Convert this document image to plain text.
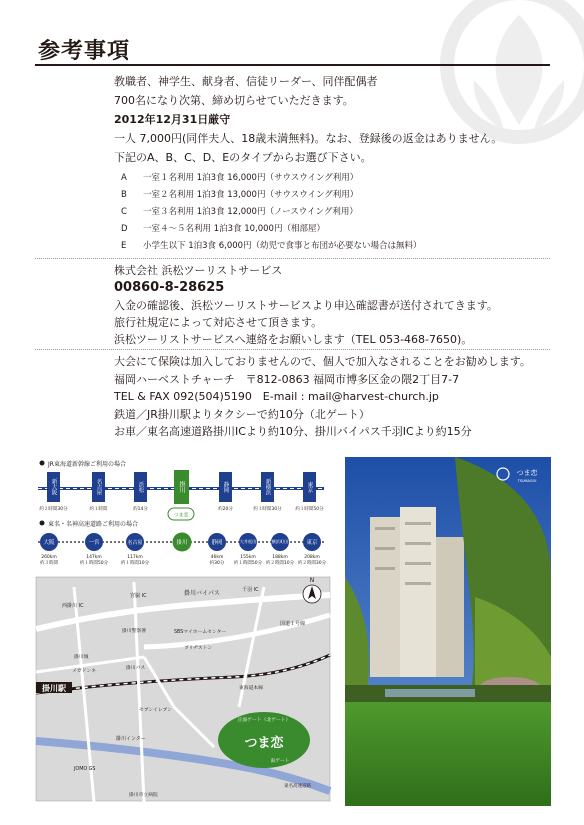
参考事項
教職者、神学生、献身者、信徒リーダー、同伴配偶者
700名になり次第、締め切らせていただきます。
2012年12月31日厳守
一人 7,000円(同伴夫人、18歳未満無料)。なお、登録後の返金はありません。
下記のA、B、C、D、Eのタイプからお選び下さい。
A 一室１名利用 1泊3食 16,000円（サウスウイング利用）
B 一室２名利用 1泊3食 13,000円（サウスウイング利用）
C 一室３名利用 1泊3食 12,000円（ノースウイング利用）
D 一室４～５名利用 1泊3食 10,000円（相部屋）
E 小学生以下 1泊3食 6,000円（幼児で食事と布団が必要ない場合は無料）
株式会社 浜松ツーリストサービス
00860-8-28625
入金の確認後、浜松ツーリストサービスより申込確認書が送付されてきます。
旅行社規定によって対応させて頂きます。
浜松ツーリストサービスへ連絡をお願いします（TEL 053-468-7650)。
大会にて保険は加入しておりませんので、個人で加入なされることをお勧めします。
福岡ハーベストチャーチ　〒812-0863 福岡市博多区金の隈2丁目7-7
TEL & FAX 092(504)5190　E-mail : mail@harvest-church.jp
鉄道／JR掛川駅よりタクシーで約10分（北ゲート）
お車／東名高速道路掛川ICより約10分、掛川バイパス千羽ICより約15分
JR東海道新幹線ご利用の場合
新大阪
約２時間30分
名古屋
約１時間
浜松
約14分
掛川
つま恋
静岡
約20分
新横浜
約１時間30分
東京
約１時間50分
東名・名神高速道路ご利用の場合
大阪
260km
約３時間
一宮
147km
約１時間50分
名古屋
117km
約１時間10分
掛川	静岡
46km
約30分
大井松田
155km
約１時間50分
横浜町田
188km
約２時間10分
東京
208km
約２時間30分
つま恋
正面ゲート（北ゲート）
南ゲート
掛川駅
N
西掛川 IC
宮脇 IC	掛川バイパス	千羽 IC
掛川警察署	SBSマイホームセンター
ブリヂストン
国道１号線
掛川城
メガドンキ
掛川バス
東海道本線
セブンイレブン
掛川インター
JOMO GS
掛川市立病院
東名高速道路
つま恋
TSUMAGOI
